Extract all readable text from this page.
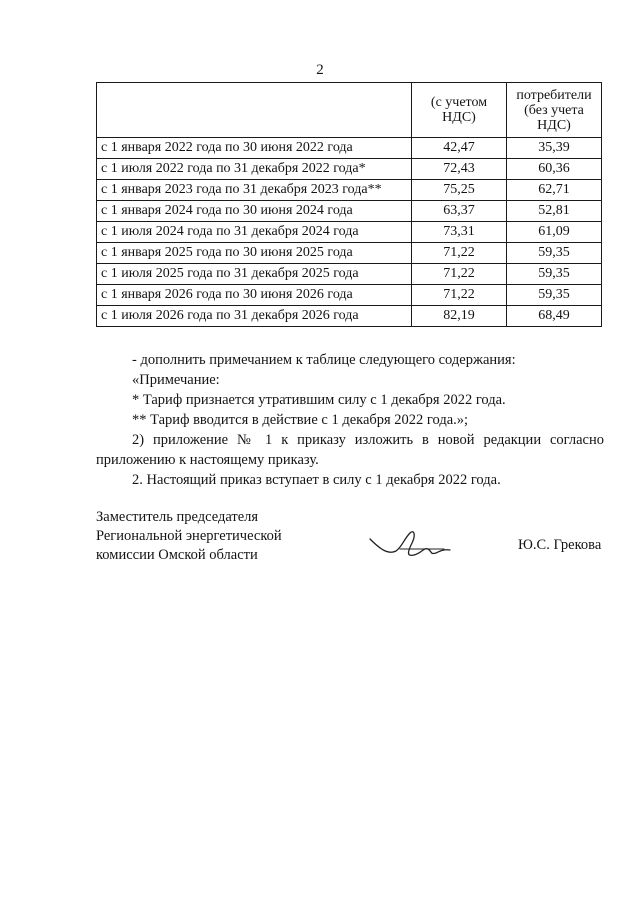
2
	(с учетом НДС)	потребители (без учета НДС)
с 1 января 2022 года по 30 июня 2022 года	42,47	35,39
с 1 июля 2022 года по 31 декабря 2022 года*	72,43	60,36
с 1 января 2023 года по 31 декабря 2023 года**	75,25	62,71
с 1 января 2024 года по 30 июня 2024 года	63,37	52,81
с 1 июля 2024 года по 31 декабря 2024 года	73,31	61,09
с 1 января 2025 года по 30 июня 2025 года	71,22	59,35
с 1 июля 2025 года по 31 декабря 2025 года	71,22	59,35
с 1 января 2026 года по 30 июня 2026 года	71,22	59,35
с 1 июля 2026 года по 31 декабря 2026 года	82,19	68,49

- дополнить примечанием к таблице следующего содержания:

«Примечание:

* Тариф признается утратившим силу с 1 декабря 2022 года.

** Тариф вводится в действие с 1 декабря 2022 года.»;

2) приложение № 1 к приказу изложить в новой редакции согласно приложению к настоящему приказу.

2. Настоящий приказ вступает в силу с 1 декабря 2022 года.

Заместитель председателя
Региональной энергетической
комиссии Омской области
Ю.С. Грекова
